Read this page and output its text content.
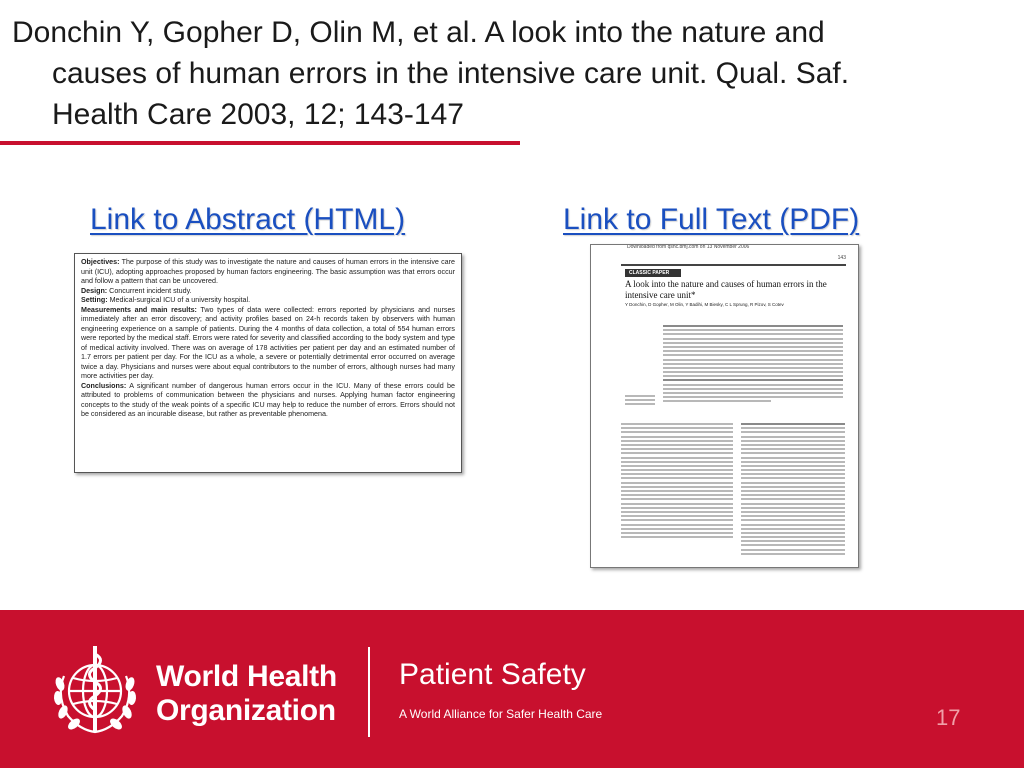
Donchin Y, Gopher D, Olin M, et al. A look into the nature and
causes of human errors in the intensive care unit. Qual. Saf.
Health Care 2003, 12; 143-147
Link to Abstract (HTML)	Link to Full Text (PDF)

Objectives: The purpose of this study was to investigate the nature and causes of human errors in the intensive care unit (ICU), adopting approaches proposed by human factors engineering. The basic assumption was that errors occur and follow a pattern that can be uncovered.
Design: Concurrent incident study.
Setting: Medical-surgical ICU of a university hospital.
Measurements and main results: Two types of data were collected: errors reported by physicians and nurses immediately after an error discovery; and activity profiles based on 24-h records taken by observers with human engineering experience on a sample of patients. During the 4 months of data collection, a total of 554 human errors were reported by the medical staff. Errors were rated for severity and classified according to the body system and type of medical activity involved. There was on average of 178 activities per patient per day and an estimated number of 1.7 errors per patient per day. For the ICU as a whole, a severe or potentially detrimental error occurred on average twice a day. Physicians and nurses were about equal contributors to the number of errors, although nurses had many more activities per day.
Conclusions: A significant number of dangerous human errors occur in the ICU. Many of these errors could be attributed to problems of communication between the physicians and nurses. Applying human factor engineering concepts to the study of the weak points of a specific ICU may help to reduce the number of errors. Errors should not be considered as an incurable disease, but rather as preventable phenomena.

Downloaded from qshc.bmj.com on 13 November 2006
143
CLASSIC PAPER
A look into the nature and causes of human errors in the intensive care unit*
Y Donchin, D Gopher, M Olin, Y Badihi, M Biesky, C L Sprung, R Pizov, S Cotev
World Health
Organization
Patient Safety
A World Alliance for Safer Health Care	17
